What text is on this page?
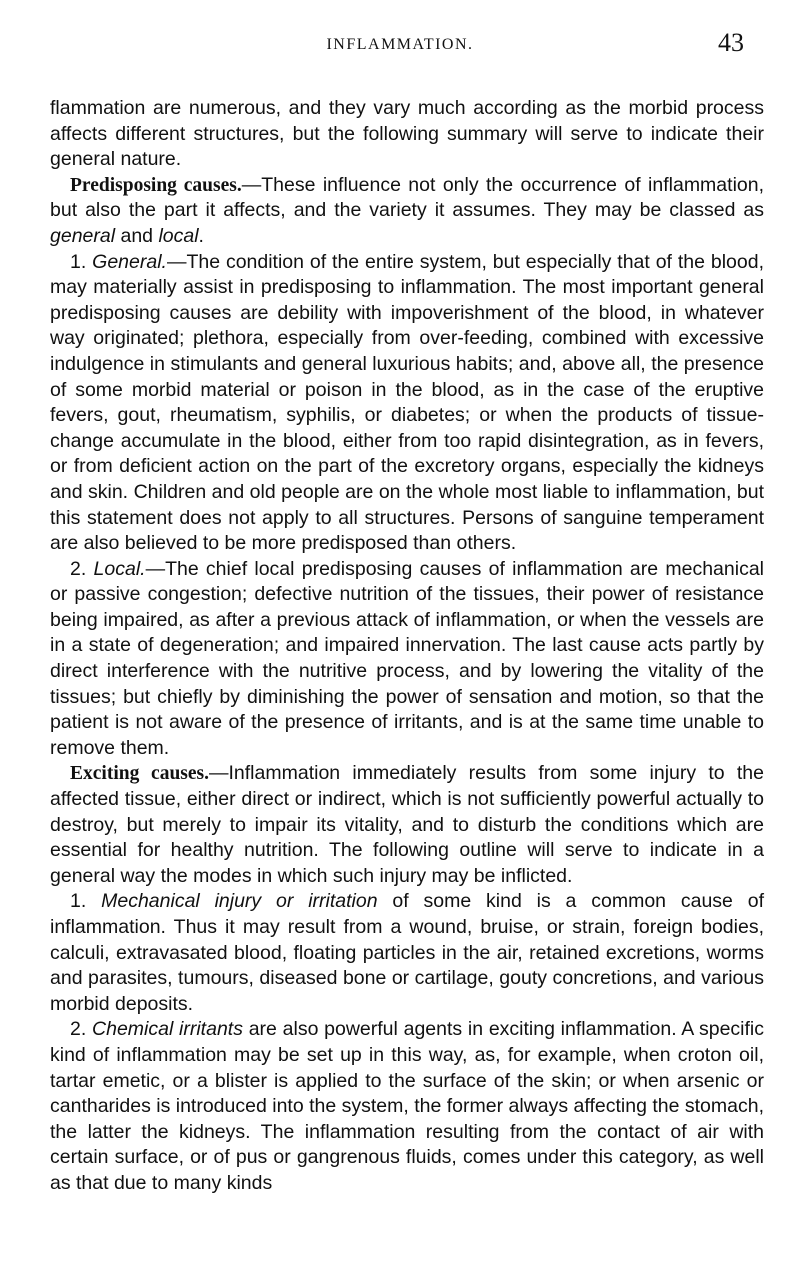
INFLAMMATION.	43

flammation are numerous, and they vary much according as the morbid process affects different structures, but the following summary will serve to indicate their general nature.

Predisposing causes.—These influence not only the occurrence of inflammation, but also the part it affects, and the variety it assumes. They may be classed as general and local.

1. General.—The condition of the entire system, but especially that of the blood, may materially assist in predisposing to inflammation. The most important general predisposing causes are debility with impoverishment of the blood, in whatever way originated; plethora, especially from over-feeding, combined with excessive indulgence in stimulants and general luxurious habits; and, above all, the presence of some morbid material or poison in the blood, as in the case of the eruptive fevers, gout, rheumatism, syphilis, or diabetes; or when the products of tissue-change accumulate in the blood, either from too rapid disintegration, as in fevers, or from deficient action on the part of the excretory organs, especially the kidneys and skin. Children and old people are on the whole most liable to inflammation, but this statement does not apply to all structures. Persons of sanguine temperament are also believed to be more predisposed than others.

2. Local.—The chief local predisposing causes of inflammation are mechanical or passive congestion; defective nutrition of the tissues, their power of resistance being impaired, as after a previous attack of inflammation, or when the vessels are in a state of degeneration; and impaired innervation. The last cause acts partly by direct interference with the nutritive process, and by lowering the vitality of the tissues; but chiefly by diminishing the power of sensation and motion, so that the patient is not aware of the presence of irritants, and is at the same time unable to remove them.

Exciting causes.—Inflammation immediately results from some injury to the affected tissue, either direct or indirect, which is not sufficiently powerful actually to destroy, but merely to impair its vitality, and to disturb the conditions which are essential for healthy nutrition. The following outline will serve to indicate in a general way the modes in which such injury may be inflicted.

1. Mechanical injury or irritation of some kind is a common cause of inflammation. Thus it may result from a wound, bruise, or strain, foreign bodies, calculi, extravasated blood, floating particles in the air, retained excretions, worms and parasites, tumours, diseased bone or cartilage, gouty concretions, and various morbid deposits.

2. Chemical irritants are also powerful agents in exciting inflammation. A specific kind of inflammation may be set up in this way, as, for example, when croton oil, tartar emetic, or a blister is applied to the surface of the skin; or when arsenic or cantharides is introduced into the system, the former always affecting the stomach, the latter the kidneys. The inflammation resulting from the contact of air with certain surface, or of pus or gangrenous fluids, comes under this category, as well as that due to many kinds
